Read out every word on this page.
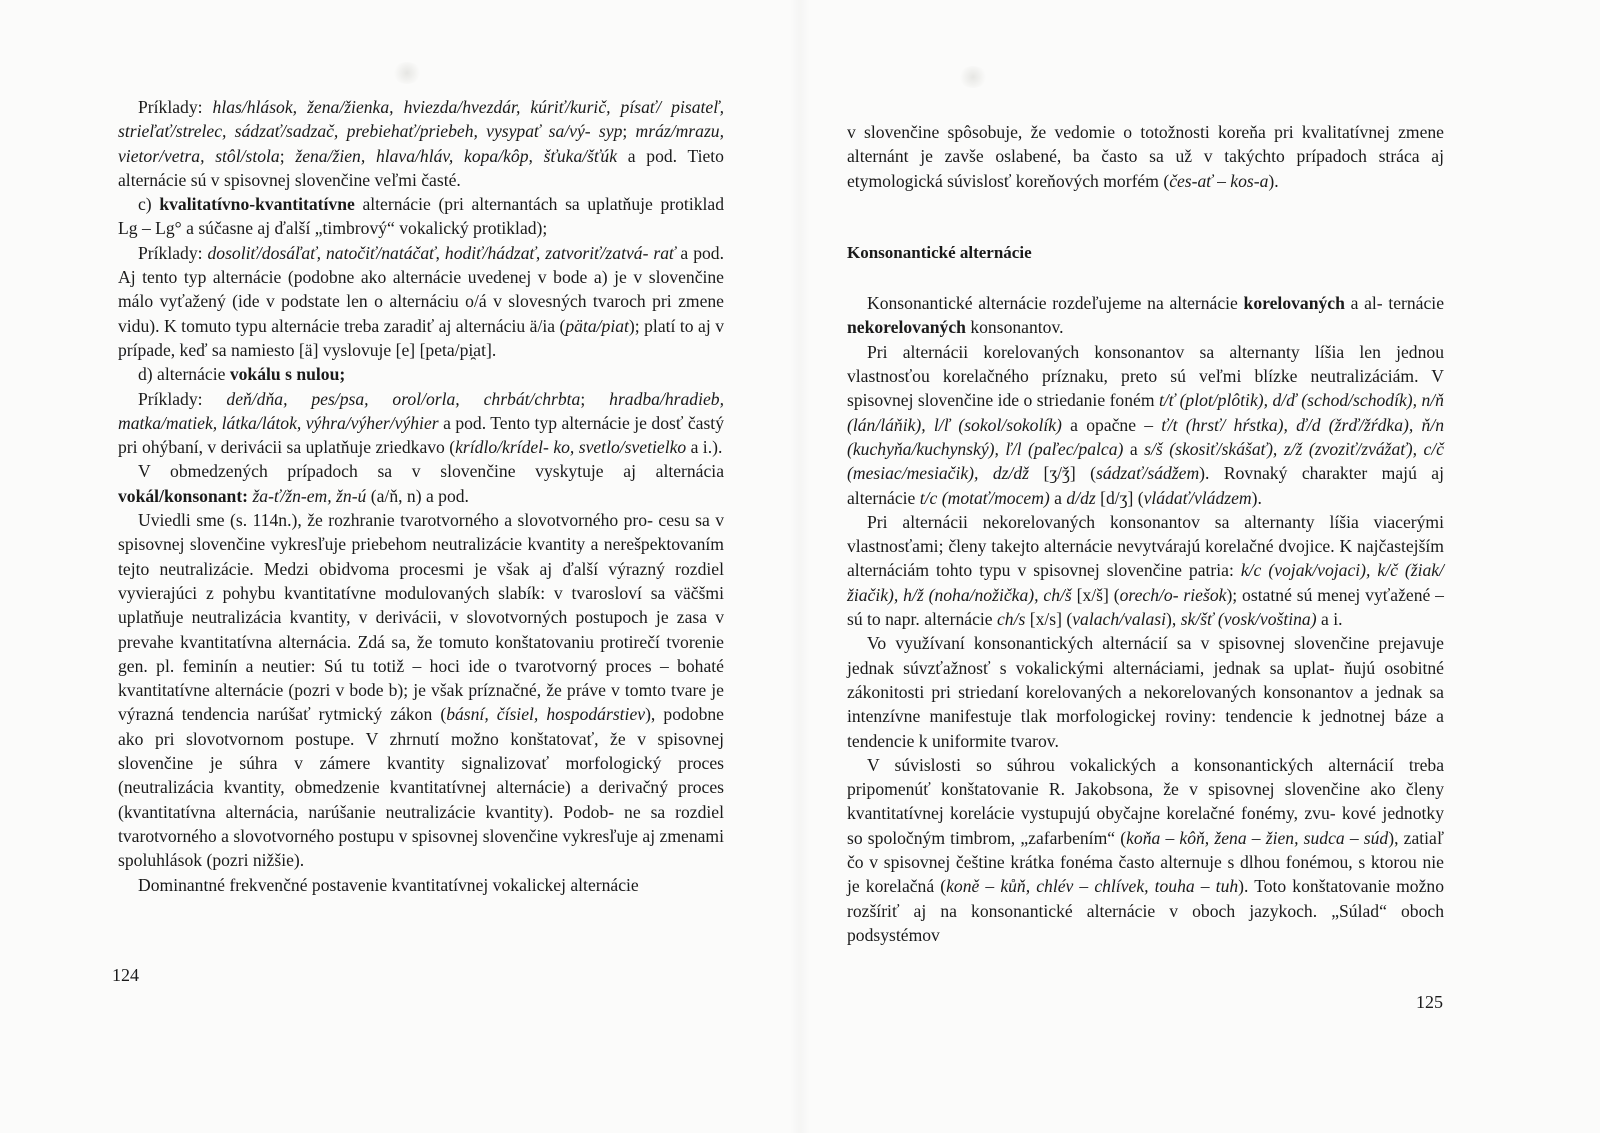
Príklady: hlas/hlások, žena/žienka, hviezda/hvezdár, kúriť/kurič, písať/ pisateľ, strieľať/strelec, sádzať/sadzač, prebiehať/priebeh, vysypať sa/vý- syp; mráz/mrazu, vietor/vetra, stôl/stola; žena/žien, hlava/hláv, kopa/kôp, šťuka/šťúk a pod. Tieto alternácie sú v spisovnej slovenčine veľmi časté.

c) kvalitatívno-kvantitatívne alternácie (pri alternantách sa uplatňuje protiklad Lg – Lg° a súčasne aj ďalší „timbrový“ vokalický protiklad);

Príklady: dosoliť/dosáľať, natočiť/natáčať, hodiť/hádzať, zatvoriť/zatvá- rať a pod. Aj tento typ alternácie (podobne ako alternácie uvedenej v bode a) je v slovenčine málo vyťažený (ide v podstate len o alternáciu o/á v slovesných tvaroch pri zmene vidu). K tomuto typu alternácie treba zaradiť aj alternáciu ä/ia (päta/piat); platí to aj v prípade, keď sa namiesto [ä] vyslovuje [e] [peta/pi̯at].

d) alternácie vokálu s nulou;

Príklady: deň/dňa, pes/psa, orol/orla, chrbát/chrbta; hradba/hradieb, matka/matiek, látka/látok, výhra/výher/výhier a pod. Tento typ alternácie je dosť častý pri ohýbaní, v derivácii sa uplatňuje zriedkavo (krídlo/krídel- ko, svetlo/svetielko a i.).

V obmedzených prípadoch sa v slovenčine vyskytuje aj alternácia vokál/konsonant: ža-ť/žn-em, žn-ú (a/ň, n) a pod.

Uviedli sme (s. 114n.), že rozhranie tvarotvorného a slovotvorného pro- cesu sa v spisovnej slovenčine vykresľuje priebehom neutralizácie kvantity a nerešpektovaním tejto neutralizácie. Medzi obidvoma procesmi je však aj ďalší výrazný rozdiel vyvierajúci z pohybu kvantitatívne modulovaných slabík: v tvarosloví sa väčšmi uplatňuje neutralizácia kvantity, v derivácii, v slovotvorných postupoch je zasa v prevahe kvantitatívna alternácia. Zdá sa, že tomuto konštatovaniu protirečí tvorenie gen. pl. feminín a neutier: Sú tu totiž – hoci ide o tvarotvorný proces – bohaté kvantitatívne alternácie (pozri v bode b); je však príznačné, že práve v tomto tvare je výrazná tendencia narúšať rytmický zákon (básní, čísiel, hospodárstiev), podobne ako pri slovotvornom postupe. V zhrnutí možno konštatovať, že v spisovnej slovenčine je súhra v zámere kvantity signalizovať morfologický proces (neutralizácia kvantity, obmedzenie kvantitatívnej alternácie) a derivačný proces (kvantitatívna alternácia, narúšanie neutralizácie kvantity). Podob- ne sa rozdiel tvarotvorného a slovotvorného postupu v spisovnej slovenčine vykresľuje aj zmenami spoluhlások (pozri nižšie).

Dominantné frekvenčné postavenie kvantitatívnej vokalickej alternácie

124

v slovenčine spôsobuje, že vedomie o totožnosti koreňa pri kvalitatívnej zmene alternánt je zavše oslabené, ba často sa už v takýchto prípadoch stráca aj etymologická súvislosť koreňových morfém (čes-ať – kos-a).

Konsonantické alternácie

Konsonantické alternácie rozdeľujeme na alternácie korelovaných a al- ternácie nekorelovaných konsonantov.

Pri alternácii korelovaných konsonantov sa alternanty líšia len jednou vlastnosťou korelačného príznaku, preto sú veľmi blízke neutralizáciám. V spisovnej slovenčine ide o striedanie foném t/ť (plot/plôtik), d/ď (schod/schodík), n/ň (lán/láňik), l/ľ (sokol/sokolík) a opačne – ť/t (hrsť/ hŕstka), ď/d (žrď/žŕdka), ň/n (kuchyňa/kuchynský), ľ/l (paľec/palca) a s/š (skosiť/skášať), z/ž (zvoziť/zvážať), c/č (mesiac/mesiačik), dz/dž [ʒ/ǯ] (sádzať/sádžem). Rovnaký charakter majú aj alternácie t/c (motať/mocem) a d/dz [d/ʒ] (vládať/vládzem).

Pri alternácii nekorelovaných konsonantov sa alternanty líšia viacerými vlastnosťami; členy takejto alternácie nevytvárajú korelačné dvojice. K najčastejším alternáciám tohto typu v spisovnej slovenčine patria: k/c (vojak/vojaci), k/č (žiak/žiačik), h/ž (noha/nožička), ch/š [x/š] (orech/o- riešok); ostatné sú menej vyťažené – sú to napr. alternácie ch/s [x/s] (valach/valasi), sk/šť (vosk/voština) a i.

Vo využívaní konsonantických alternácií sa v spisovnej slovenčine prejavuje jednak súvzťažnosť s vokalickými alternáciami, jednak sa uplat- ňujú osobitné zákonitosti pri striedaní korelovaných a nekorelovaných konsonantov a jednak sa intenzívne manifestuje tlak morfologickej roviny: tendencie k jednotnej báze a tendencie k uniformite tvarov.

V súvislosti so súhrou vokalických a konsonantických alternácií treba pripomenúť konštatovanie R. Jakobsona, že v spisovnej slovenčine ako členy kvantitatívnej korelácie vystupujú obyčajne korelačné fonémy, zvu- kové jednotky so spoločným timbrom, „zafarbením“ (koňa – kôň, žena – žien, sudca – súd), zatiaľ čo v spisovnej češtine krátka fonéma často alternuje s dlhou fonémou, s ktorou nie je korelačná (koně – kůň, chlév – chlívek, touha – tuh). Toto konštatovanie možno rozšíriť aj na konsonantické alternácie v oboch jazykoch. „Súlad“ oboch podsystémov

125
